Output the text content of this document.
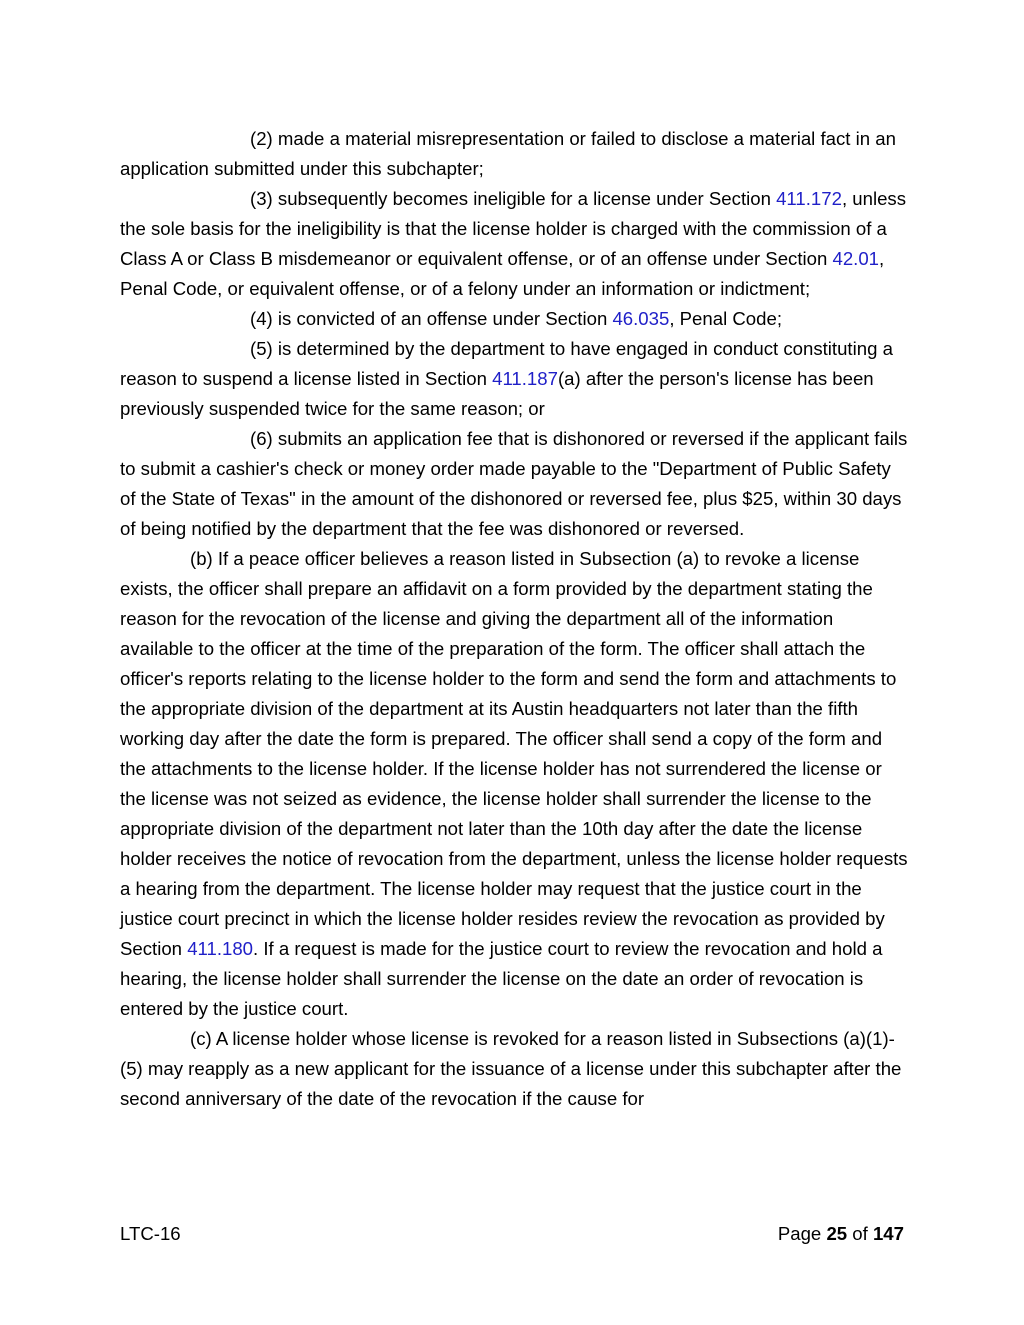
(2) made a material misrepresentation or failed to disclose a material fact in an application submitted under this subchapter;

(3) subsequently becomes ineligible for a license under Section 411.172, unless the sole basis for the ineligibility is that the license holder is charged with the commission of a Class A or Class B misdemeanor or equivalent offense, or of an offense under Section 42.01, Penal Code, or equivalent offense, or of a felony under an information or indictment;

(4) is convicted of an offense under Section 46.035, Penal Code;

(5) is determined by the department to have engaged in conduct constituting a reason to suspend a license listed in Section 411.187(a) after the person's license has been previously suspended twice for the same reason; or

(6) submits an application fee that is dishonored or reversed if the applicant fails to submit a cashier's check or money order made payable to the "Department of Public Safety of the State of Texas" in the amount of the dishonored or reversed fee, plus $25, within 30 days of being notified by the department that the fee was dishonored or reversed.

(b) If a peace officer believes a reason listed in Subsection (a) to revoke a license exists, the officer shall prepare an affidavit on a form provided by the department stating the reason for the revocation of the license and giving the department all of the information available to the officer at the time of the preparation of the form. The officer shall attach the officer's reports relating to the license holder to the form and send the form and attachments to the appropriate division of the department at its Austin headquarters not later than the fifth working day after the date the form is prepared. The officer shall send a copy of the form and the attachments to the license holder. If the license holder has not surrendered the license or the license was not seized as evidence, the license holder shall surrender the license to the appropriate division of the department not later than the 10th day after the date the license holder receives the notice of revocation from the department, unless the license holder requests a hearing from the department. The license holder may request that the justice court in the justice court precinct in which the license holder resides review the revocation as provided by Section 411.180. If a request is made for the justice court to review the revocation and hold a hearing, the license holder shall surrender the license on the date an order of revocation is entered by the justice court.

(c) A license holder whose license is revoked for a reason listed in Subsections (a)(1)-(5) may reapply as a new applicant for the issuance of a license under this subchapter after the second anniversary of the date of the revocation if the cause for

LTC-16	Page 25 of 147
